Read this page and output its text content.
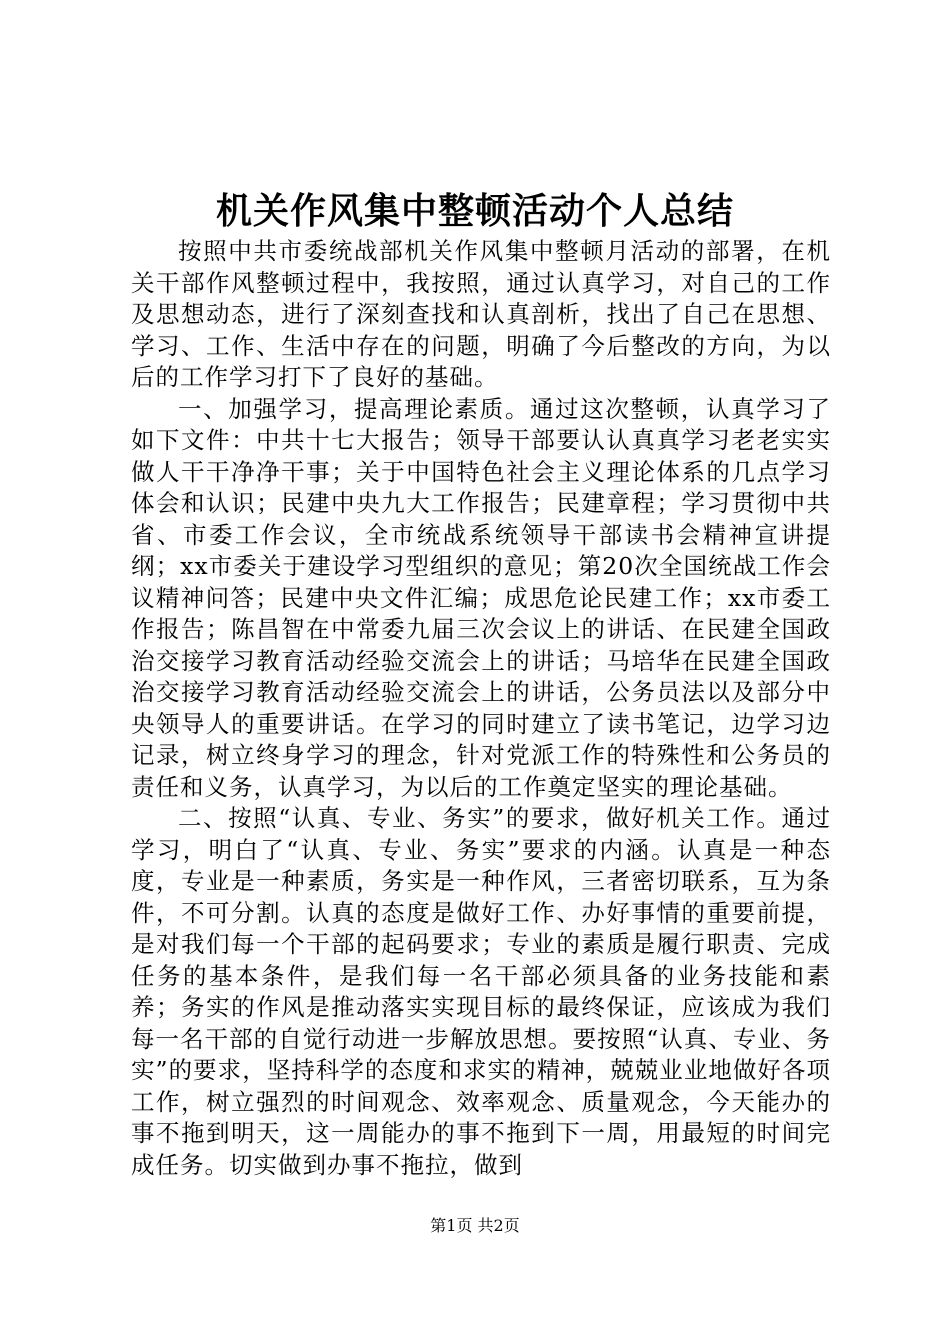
机关作风集中整顿活动个人总结

按照中共市委统战部机关作风集中整顿月活动的部署，在机关干部作风整顿过程中，我按照，通过认真学习，对自己的工作及思想动态，进行了深刻查找和认真剖析，找出了自己在思想、学习、工作、生活中存在的问题，明确了今后整改的方向，为以后的工作学习打下了良好的基础。

一、加强学习，提高理论素质。通过这次整顿，认真学习了如下文件：中共十七大报告；领导干部要认认真真学习老老实实做人干干净净干事；关于中国特色社会主义理论体系的几点学习体会和认识；民建中央九大工作报告；民建章程；学习贯彻中共省、市委工作会议，全市统战系统领导干部读书会精神宣讲提纲；xx市委关于建设学习型组织的意见；第20次全国统战工作会议精神问答；民建中央文件汇编；成思危论民建工作；xx市委工作报告；陈昌智在中常委九届三次会议上的讲话、在民建全国政治交接学习教育活动经验交流会上的讲话；马培华在民建全国政治交接学习教育活动经验交流会上的讲话，公务员法以及部分中央领导人的重要讲话。在学习的同时建立了读书笔记，边学习边记录，树立终身学习的理念，针对党派工作的特殊性和公务员的责任和义务，认真学习，为以后的工作奠定坚实的理论基础。

二、按照“认真、专业、务实”的要求，做好机关工作。通过学习，明白了“认真、专业、务实”要求的内涵。认真是一种态度，专业是一种素质，务实是一种作风，三者密切联系，互为条件，不可分割。认真的态度是做好工作、办好事情的重要前提，是对我们每一个干部的起码要求；专业的素质是履行职责、完成任务的基本条件，是我们每一名干部必须具备的业务技能和素养；务实的作风是推动落实实现目标的最终保证，应该成为我们每一名干部的自觉行动进一步解放思想。要按照“认真、专业、务实”的要求，坚持科学的态度和求实的精神，兢兢业业地做好各项工作，树立强烈的时间观念、效率观念、质量观念，今天能办的事不拖到明天，这一周能办的事不拖到下一周，用最短的时间完成任务。切实做到办事不拖拉，做到

第1页 共2页
